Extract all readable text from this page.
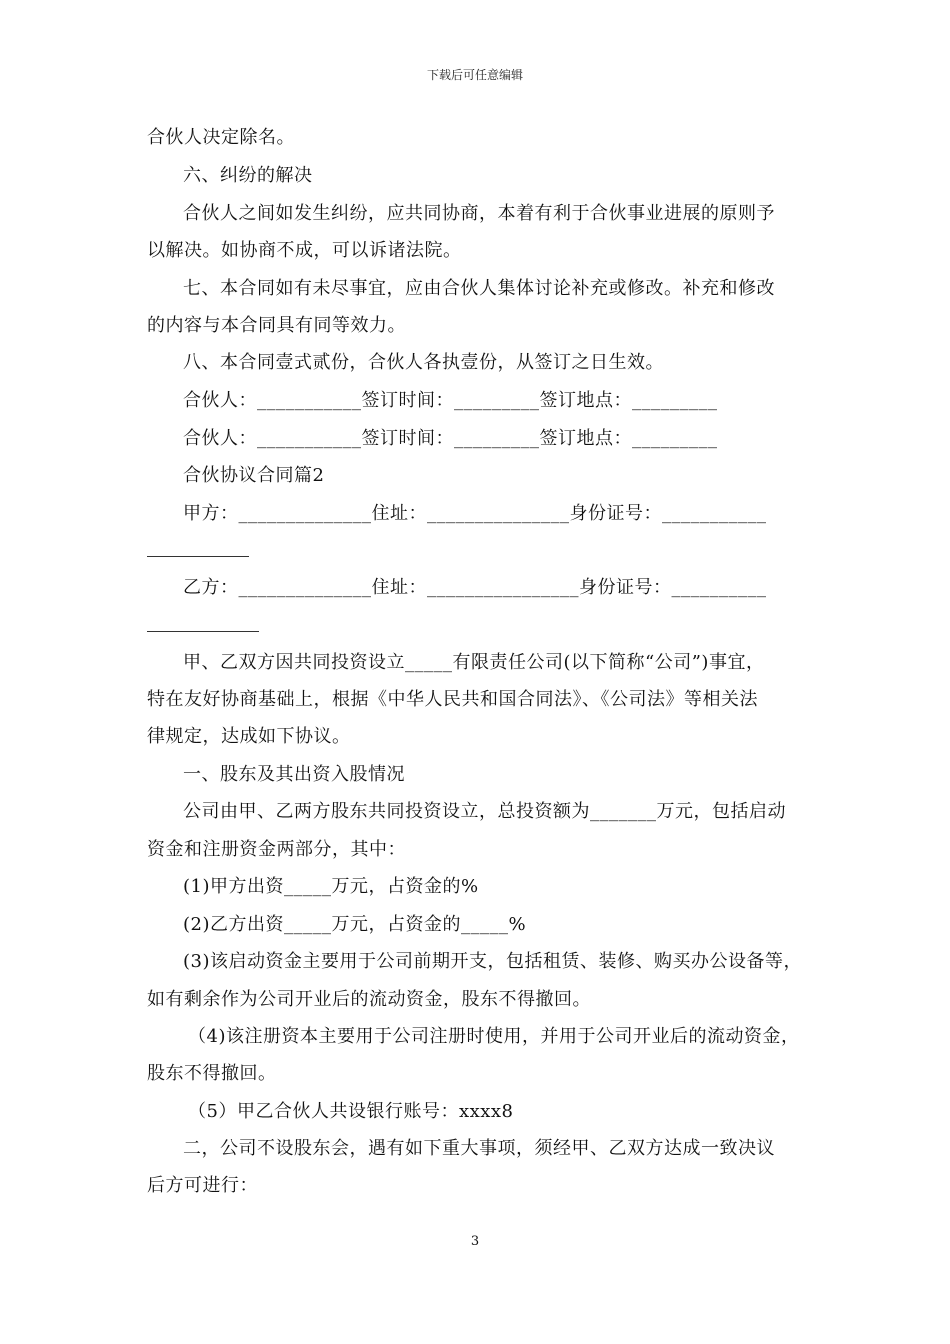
下载后可任意编辑
合伙人决定除名。
六、纠纷的解决
合伙人之间如发生纠纷，应共同协商，本着有利于合伙事业进展的原则予
以解决。如协商不成，可以诉诸法院。
七、本合同如有未尽事宜，应由合伙人集体讨论补充或修改。补充和修改
的内容与本合同具有同等效力。
八、本合同壹式贰份，合伙人各执壹份，从签订之日生效。
合伙人：___________签订时间：_________签订地点：_________
合伙人：___________签订时间：_________签订地点：_________
合伙协议合同篇2
甲方：______________住址：_______________身份证号：___________
乙方：______________住址：________________身份证号：__________
甲、乙双方因共同投资设立_____有限责任公司(以下简称“公司”)事宜，
特在友好协商基础上，根据《中华人民共和国合同法》、《公司法》等相关法
律规定，达成如下协议。
一、股东及其出资入股情况
公司由甲、乙两方股东共同投资设立，总投资额为_______万元，包括启动
资金和注册资金两部分，其中：
(1)甲方出资_____万元，占资金的%
(2)乙方出资_____万元，占资金的_____%
(3)该启动资金主要用于公司前期开支，包括租赁、装修、购买办公设备等，
如有剩余作为公司开业后的流动资金，股东不得撤回。
（4)该注册资本主要用于公司注册时使用，并用于公司开业后的流动资金，
股东不得撤回。
（5）甲乙合伙人共设银行账号：xxxx8
二，公司不设股东会，遇有如下重大事项，须经甲、乙双方达成一致决议
后方可进行：
3
